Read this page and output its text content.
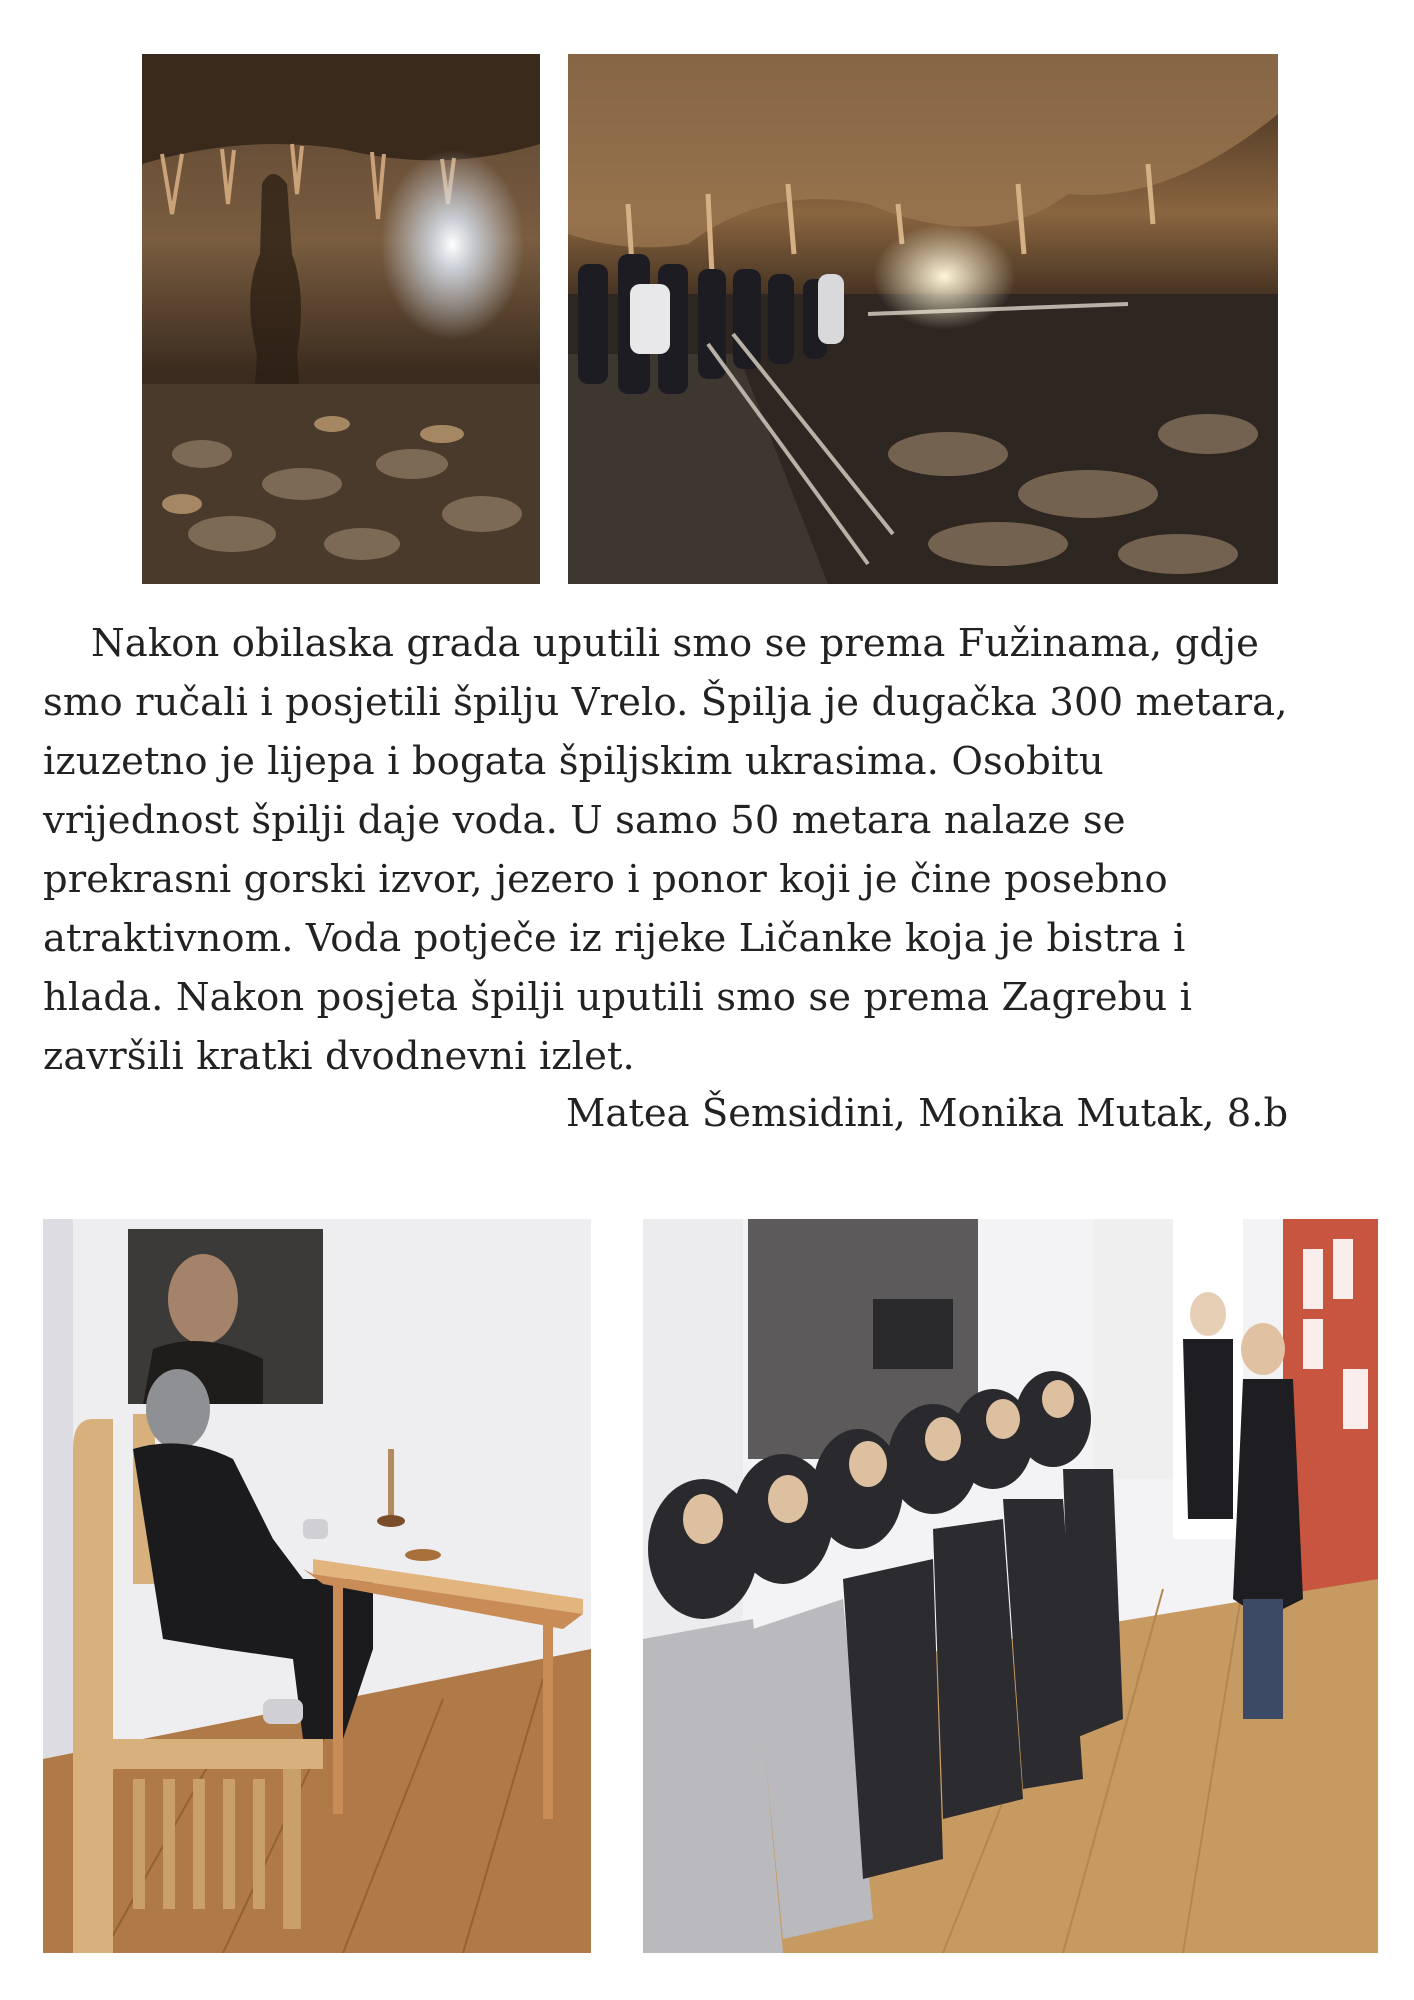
Nakon obilaska grada uputili smo se prema Fužinama, gdje

smo ručali i posjetili špilju Vrelo. Špilja je dugačka 300 metara,

izuzetno je lijepa i bogata špiljskim ukrasima. Osobitu

vrijednost špilji daje voda. U samo 50 metara nalaze se

prekrasni gorski izvor, jezero i ponor koji je čine posebno

atraktivnom. Voda potječe iz rijeke Ličanke koja je bistra i

hlada. Nakon posjeta špilji uputili smo se prema Zagrebu i

završili kratki dvodnevni izlet.

Matea Šemsidini, Monika Mutak, 8.b
